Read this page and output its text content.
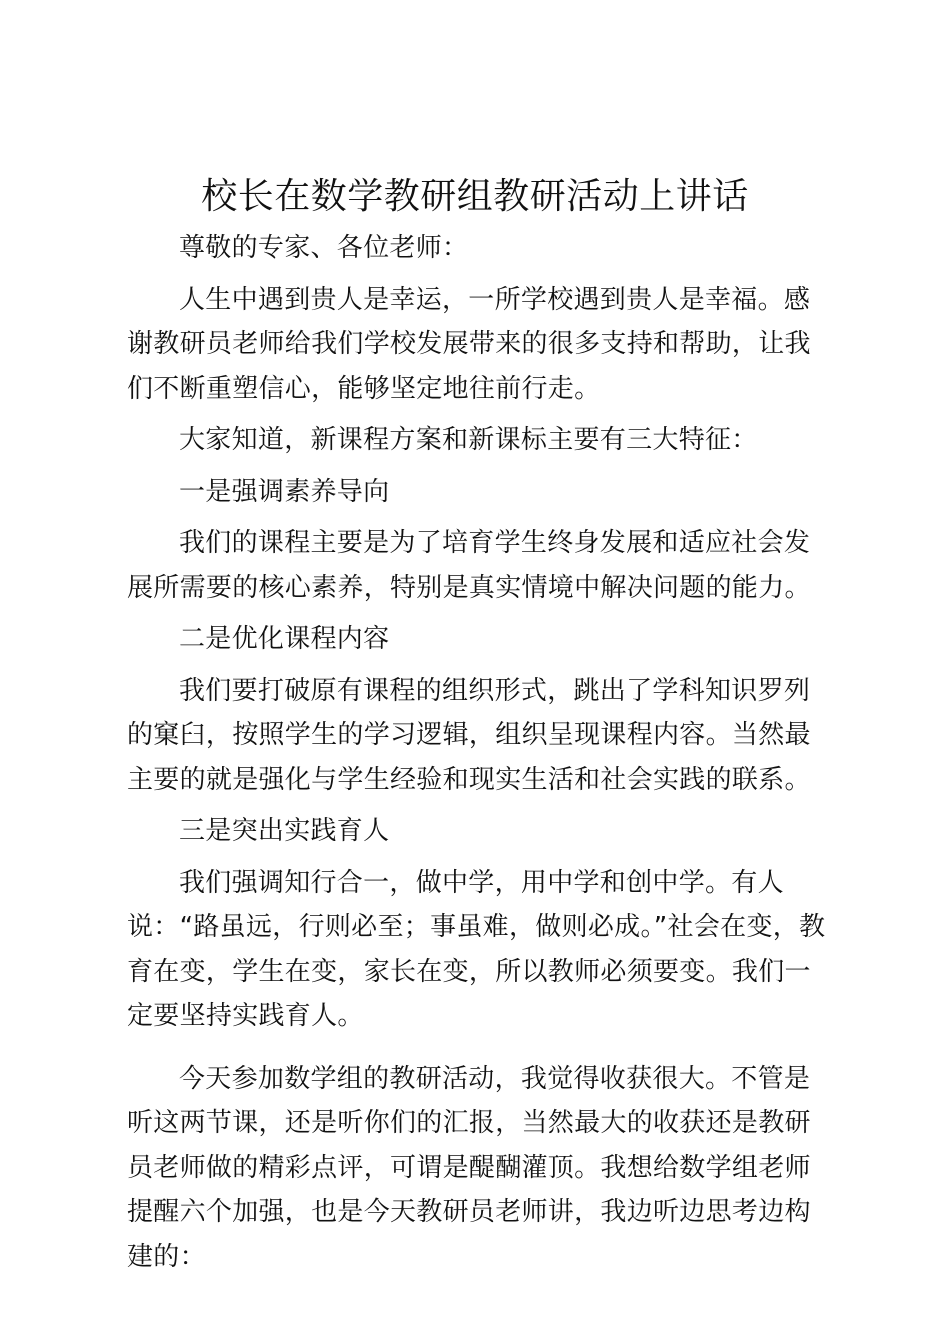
校长在数学教研组教研活动上讲话

尊敬的专家、各位老师：

人生中遇到贵人是幸运，一所学校遇到贵人是幸福。感谢教研员老师给我们学校发展带来的很多支持和帮助，让我们不断重塑信心，能够坚定地往前行走。

大家知道，新课程方案和新课标主要有三大特征：

一是强调素养导向

我们的课程主要是为了培育学生终身发展和适应社会发展所需要的核心素养，特别是真实情境中解决问题的能力。

二是优化课程内容

我们要打破原有课程的组织形式，跳出了学科知识罗列的窠臼，按照学生的学习逻辑，组织呈现课程内容。当然最主要的就是强化与学生经验和现实生活和社会实践的联系。

三是突出实践育人

我们强调知行合一，做中学，用中学和创中学。有人说：“路虽远，行则必至；事虽难，做则必成。”社会在变，教育在变，学生在变，家长在变，所以教师必须要变。我们一定要坚持实践育人。

今天参加数学组的教研活动，我觉得收获很大。不管是听这两节课，还是听你们的汇报，当然最大的收获还是教研员老师做的精彩点评，可谓是醍醐灌顶。我想给数学组老师提醒六个加强，也是今天教研员老师讲，我边听边思考边构建的：
